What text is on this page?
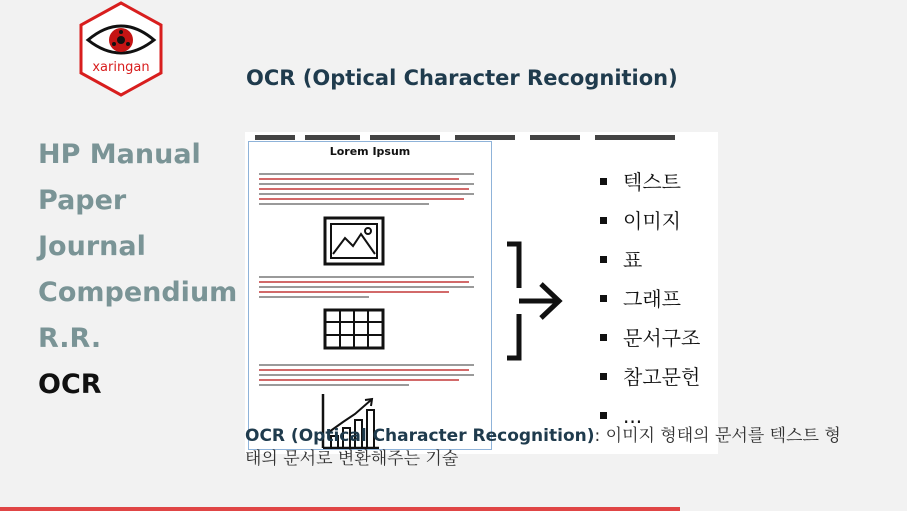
xaringan
HP Manual
Paper
Journal
Compendium
R.R.
OCR
OCR (Optical Character Recognition)
Lorem Ipsum
텍스트
이미지
표
그래프
문서구조
참고문헌
...
OCR (Optical Character Recognition): 이미지 형태의 문서를 텍스트 형태의 문서로 변환해주는 기술
